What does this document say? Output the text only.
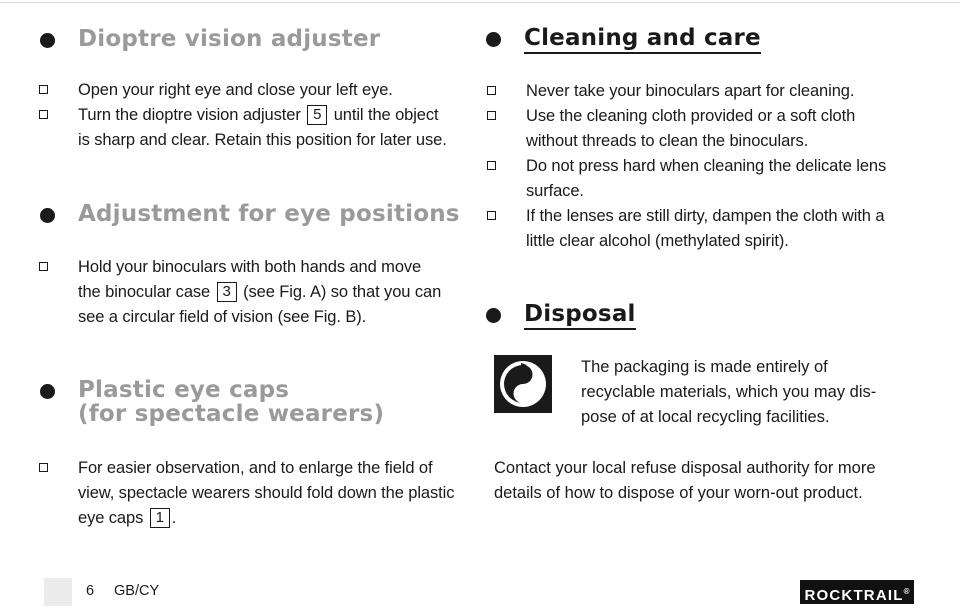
Dioptre vision adjuster
Open your right eye and close your left eye.
Turn the dioptre vision adjuster 5 until the object
is sharp and clear. Retain this position for later use.
Adjustment for eye positions
Hold your binoculars with both hands and move
the binocular case 3 (see Fig. A) so that you can
see a circular field of vision (see Fig. B).
Plastic eye caps
(for spectacle wearers)
For easier observation, and to enlarge the field of
view, spectacle wearers should fold down the plastic
eye caps 1 .
Cleaning and care
Never take your binoculars apart for cleaning.
Use the cleaning cloth provided or a soft cloth
without threads to clean the binoculars.
Do not press hard when cleaning the delicate lens
surface.
If the lenses are still dirty, dampen the cloth with a
little clear alcohol (methylated spirit).
Disposal
The packaging is made entirely of
recyclable materials, which you may dis-
pose of at local recycling facilities.
Contact your local refuse disposal authority for more
details of how to dispose of your worn-out product.
6 GB/CY	ROCKTRAIL®
